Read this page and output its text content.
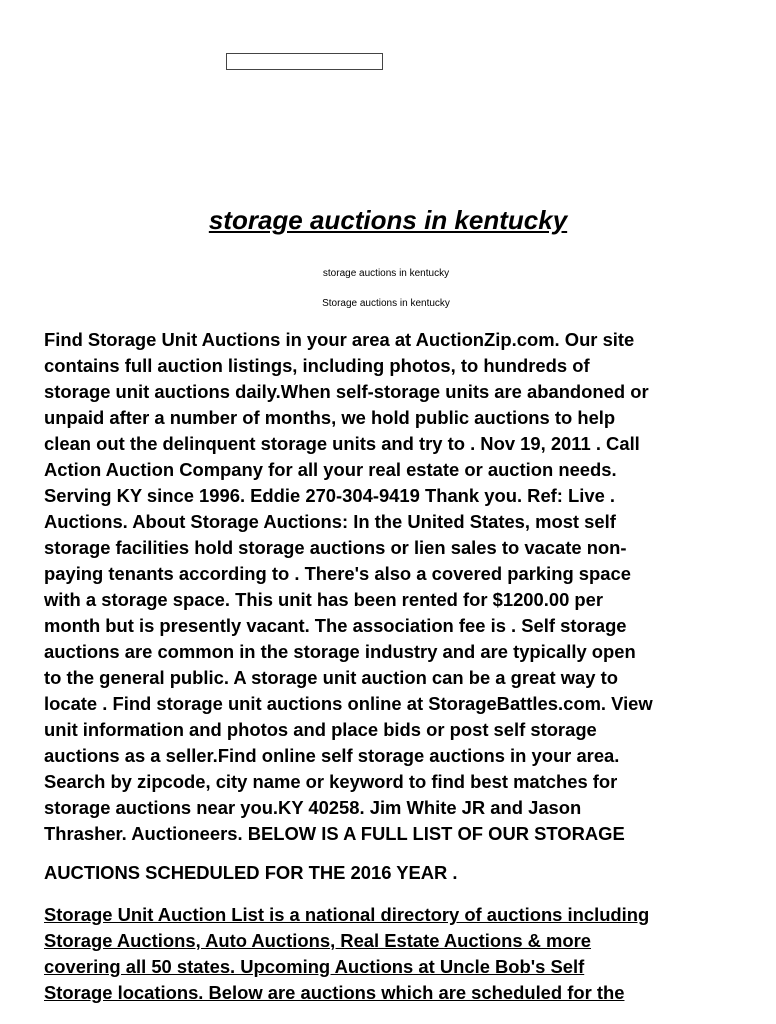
storage auctions in kentucky
storage auctions in kentucky
Storage auctions in kentucky
Find Storage Unit Auctions in your area at AuctionZip.com. Our site
contains full auction listings, including photos, to hundreds of
storage unit auctions daily.When self-storage units are abandoned or
unpaid after a number of months, we hold public auctions to help
clean out the delinquent storage units and try to . Nov 19, 2011 . Call
Action Auction Company for all your real estate or auction needs.
Serving KY since 1996. Eddie 270-304-9419 Thank you. Ref: Live .
Auctions. About Storage Auctions: In the United States, most self
storage facilities hold storage auctions or lien sales to vacate non-
paying tenants according to . There's also a covered parking space
with a storage space. This unit has been rented for $1200.00 per
month but is presently vacant. The association fee is . Self storage
auctions are common in the storage industry and are typically open
to the general public. A storage unit auction can be a great way to
locate . Find storage unit auctions online at StorageBattles.com. View
unit information and photos and place bids or post self storage
auctions as a seller.Find online self storage auctions in your area.
Search by zipcode, city name or keyword to find best matches for
storage auctions near you.KY 40258. Jim White JR and Jason
Thrasher. Auctioneers. BELOW IS A FULL LIST OF OUR STORAGE

AUCTIONS SCHEDULED FOR THE 2016 YEAR .

Storage Unit Auction List is a national directory of auctions including
Storage Auctions, Auto Auctions, Real Estate Auctions & more
covering all 50 states. Upcoming Auctions at Uncle Bob's Self
Storage locations. Below are auctions which are scheduled for the
